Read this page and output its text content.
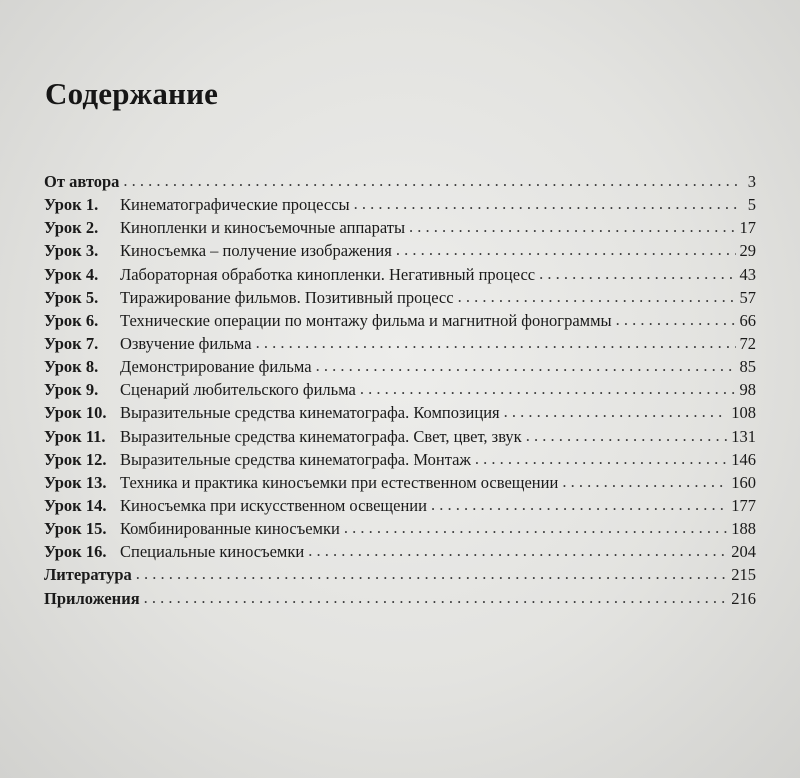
Содержание
От автора . . .	3
Урок 1.	Кинематографические процессы . . .	5
Урок 2.	Кинопленки и киносъемочные аппараты . . .	17
Урок 3.	Киносъемка – получение изображения . . .	29
Урок 4.	Лабораторная обработка кинопленки. Негативный процесс . . .	43
Урок 5.	Тиражирование фильмов. Позитивный процесс . . .	57
Урок 6.	Технические операции по монтажу фильма и магнитной фонограммы . . .	66
Урок 7.	Озвучение фильма . . .	72
Урок 8.	Демонстрирование фильма . . .	85
Урок 9.	Сценарий любительского фильма . . .	98
Урок 10. Выразительные средства кинематографа. Композиция . . .	108
Урок 11. Выразительные средства кинематографа. Свет, цвет, звук . . .	131
Урок 12. Выразительные средства кинематографа. Монтаж . . .	146
Урок 13. Техника и практика киносъемки при естественном освещении . . .	160
Урок 14. Киносъемка при искусственном освещении . . .	177
Урок 15. Комбинированные киносъемки . . .	188
Урок 16. Специальные киносъемки . . .	204
Литература . . .	215
Приложения . . .	216
